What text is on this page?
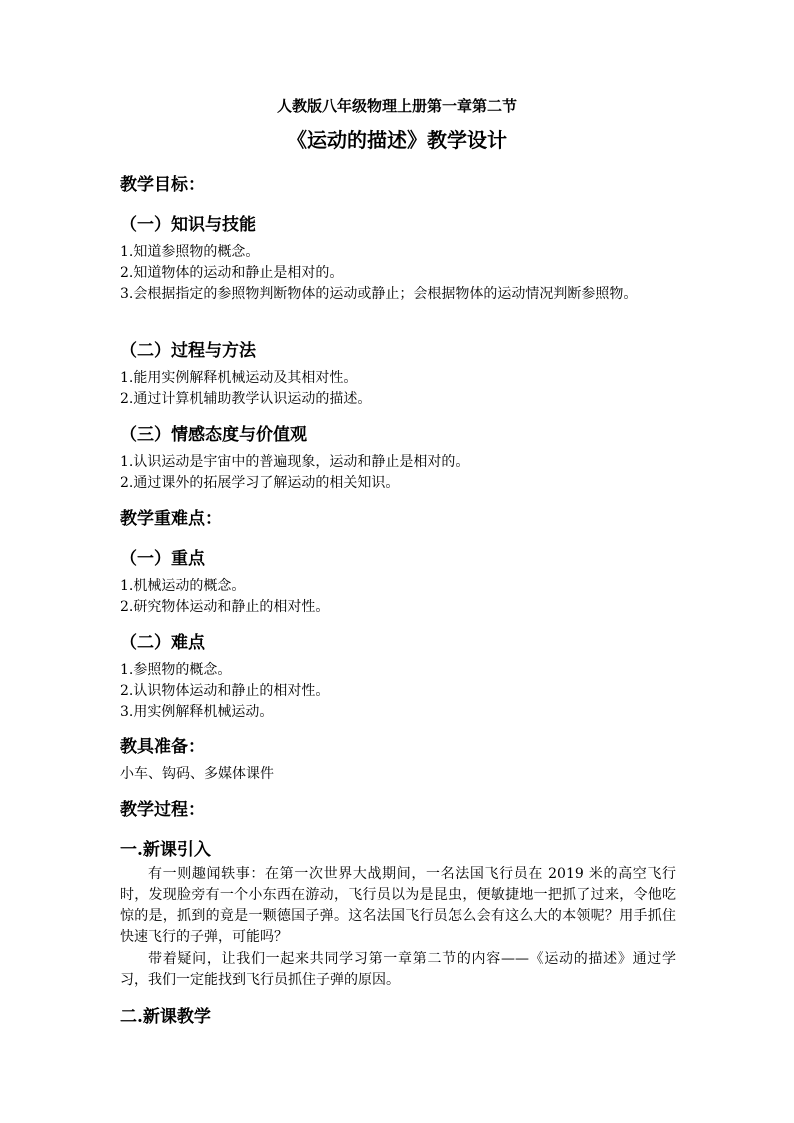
人教版八年级物理上册第一章第二节
《运动的描述》教学设计
教学目标：
（一）知识与技能
1.知道参照物的概念。
2.知道物体的运动和静止是相对的。
3.会根据指定的参照物判断物体的运动或静止；会根据物体的运动情况判断参照物。
（二）过程与方法
1.能用实例解释机械运动及其相对性。
2.通过计算机辅助教学认识运动的描述。
（三）情感态度与价值观
1.认识运动是宇宙中的普遍现象，运动和静止是相对的。
2.通过课外的拓展学习了解运动的相关知识。
教学重难点：
（一）重点
1.机械运动的概念。
2.研究物体运动和静止的相对性。
（二）难点
1.参照物的概念。
2.认识物体运动和静止的相对性。
3.用实例解释机械运动。
教具准备：
小车、钩码、多媒体课件
教学过程：
一.新课引入
有一则趣闻轶事：在第一次世界大战期间，一名法国飞行员在 2019 米的高空飞行时，发现脸旁有一个小东西在游动，飞行员以为是昆虫，便敏捷地一把抓了过来，令他吃惊的是，抓到的竟是一颗德国子弹。这名法国飞行员怎么会有这么大的本领呢？用手抓住快速飞行的子弹，可能吗？
带着疑问，让我们一起来共同学习第一章第二节的内容——《运动的描述》通过学习，我们一定能找到飞行员抓住子弹的原因。
二.新课教学
